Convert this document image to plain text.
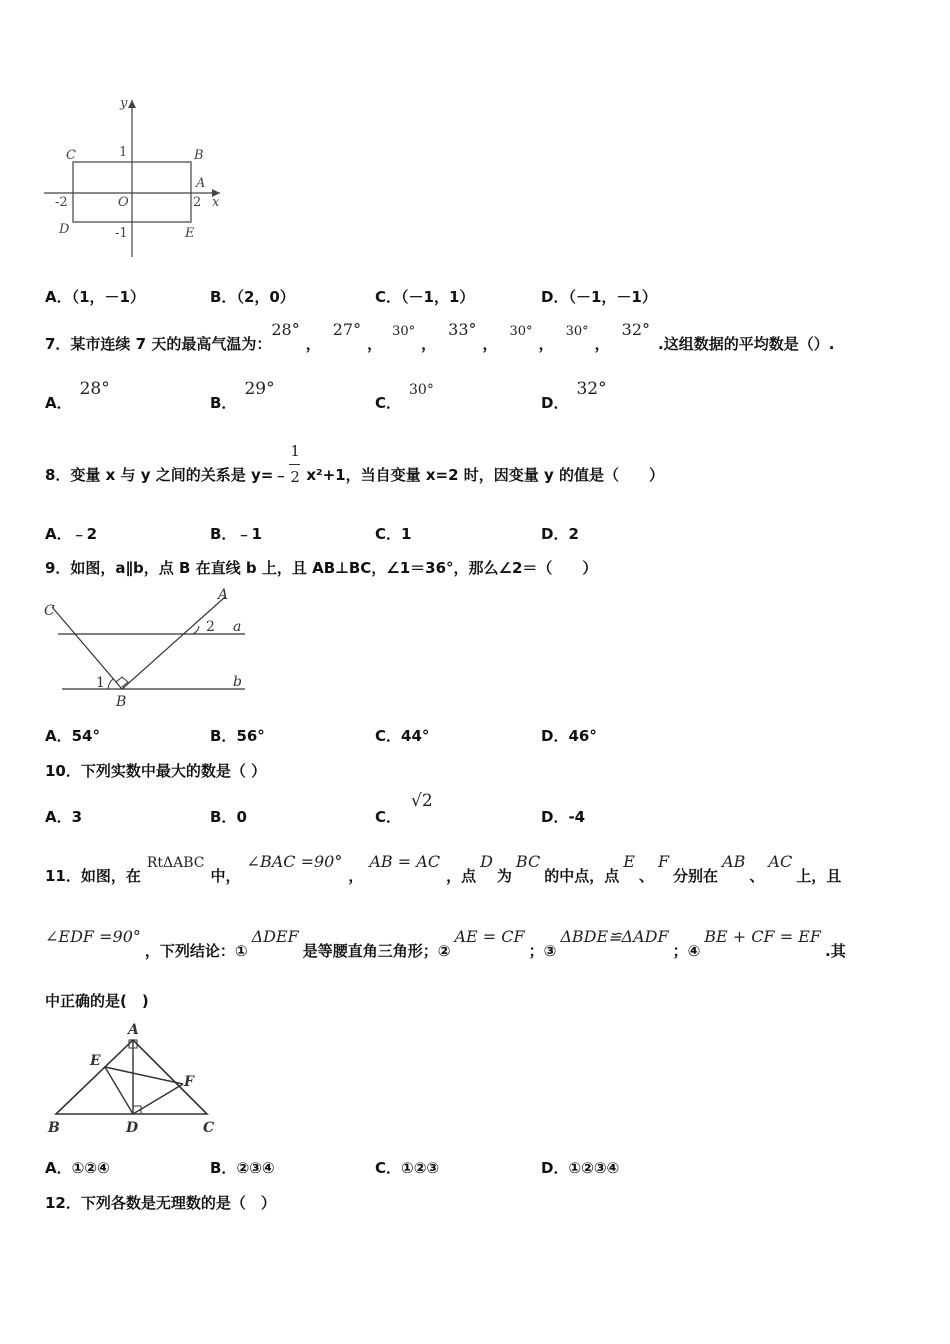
y
x
C	B
A
D	E
O
1
-1
-2	2
A．（1，－1）	B．（2，0）	C．（－1，1）	D．（－1，－1）
7．某市连续 7 天的最高气温为：28°，27°，30°，33°，30°，30°，32°.这组数据的平均数是（）.
A．28°
B．29°
C．30°
D．32°
8．变量 x 与 y 之间的关系是 y=﹣ $\frac{1}{2} x^2+1$，当自变量 x=2 时，因变量 y 的值是（　　）
A．﹣2	B．﹣1	C．1	D．2
9．如图，a∥b，点 B 在直线 b 上，且 AB⊥BC，∠1＝36°，那么∠2＝（　　）
C
A
a
b
B
1
2
A．54°	B．56°	C．44°	D．46°
10．下列实数中最大的数是（ ）
A．3	B．0	C．√2
D．-4
11．如图，在RtΔABC中，∠BAC =90°，AB = AC，点D为BC的中点，点E、F分别在AB、AC上，且
∠EDF =90°，下列结论：①ΔDEF是等腰直角三角形；②AE = CF；③ΔBDE≌ΔADF；④BE + CF = EF.其
中正确的是(　)
A
E
F
B	D	C
A．①②④	B．②③④	C．①②③	D．①②③④
12．下列各数是无理数的是（　）
